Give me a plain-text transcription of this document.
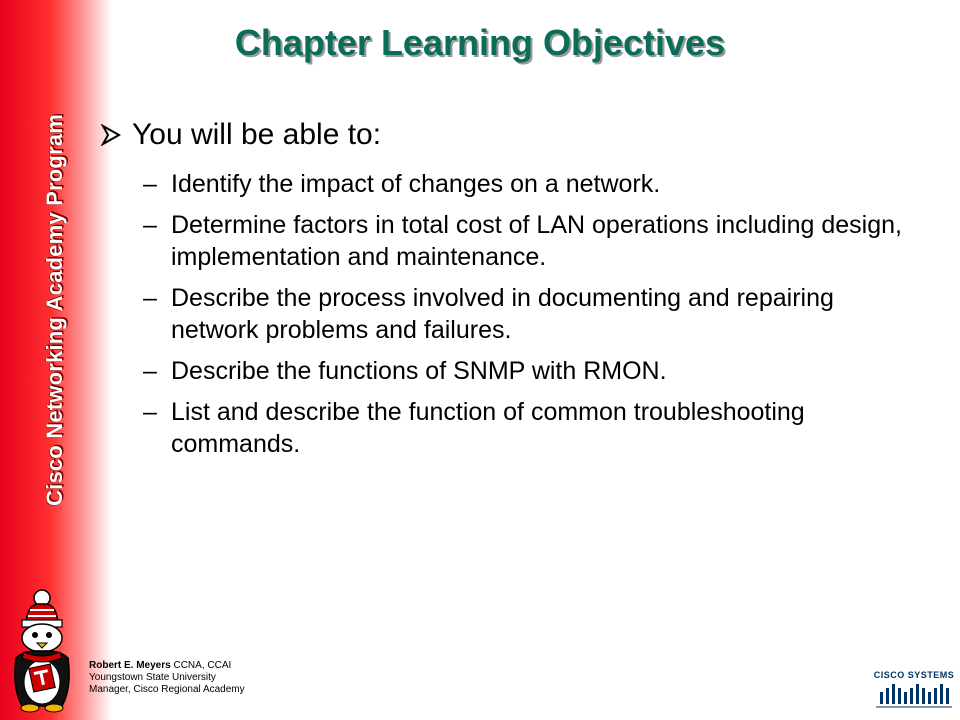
Cisco Networking Academy Program
Chapter Learning Objectives
You will be able to:
– Identify the impact of changes on a network.
– Determine factors in total cost of LAN operations including design, implementation and maintenance.
– Describe the process involved in documenting and repairing network problems and failures.
– Describe the functions of SNMP with RMON.
– List and describe the function of common troubleshooting commands.
Robert E. Meyers CCNA, CCAI
Youngstown State University
Manager, Cisco Regional Academy
CISCO SYSTEMS
